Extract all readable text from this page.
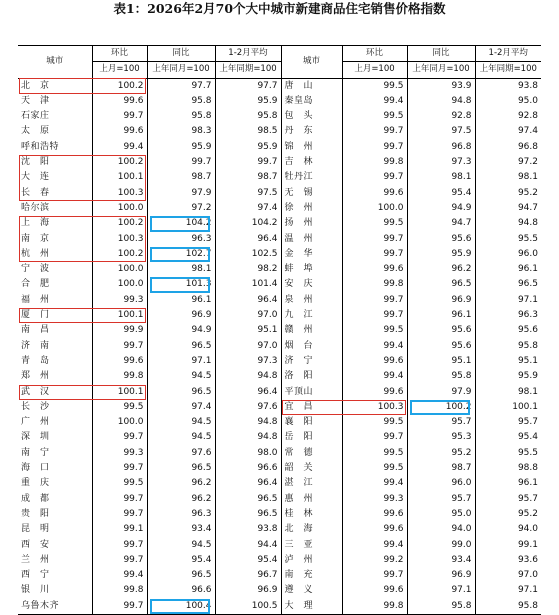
表1：2026年2月70个大中城市新建商品住宅销售价格指数
城市	环比	同比	1-2月平均	城市	环比	同比	1-2月平均
	上月=100	上年同月=100	上年同期=100		上月=100	上年同月=100	上年同期=100
北　京	100.2	97.7	97.7	唐　山	99.5	93.9	93.8
天　津	99.6	95.8	95.9	秦皇岛	99.4	94.8	95.0
石家庄	99.7	95.8	95.8	包　头	99.5	92.8	92.8
太　原	99.6	98.3	98.5	丹　东	99.7	97.5	97.4
呼和浩特	99.4	95.9	95.9	锦　州	99.7	96.8	96.8
沈　阳	100.2	99.7	99.7	吉　林	99.8	97.3	97.2
大　连	100.1	98.7	98.7	牡丹江	99.7	98.1	98.1
长　春	100.3	97.9	97.5	无　锡	99.6	95.4	95.2
哈尔滨	100.0	97.2	97.4	徐　州	100.0	94.9	94.7
上　海	100.2	104.2	104.2	扬　州	99.5	94.7	94.8
南　京	100.3	96.3	96.4	温　州	99.7	95.6	95.5
杭　州	100.2	102.7	102.5	金　华	99.7	95.9	96.0
宁　波	100.0	98.1	98.2	蚌　埠	99.6	96.2	96.1
合　肥	100.0	101.3	101.4	安　庆	99.8	96.5	96.5
福　州	99.3	96.1	96.4	泉　州	99.7	96.9	97.1
厦　门	100.1	96.9	97.0	九　江	99.7	96.1	96.3
南　昌	99.9	94.9	95.1	赣　州	99.5	95.6	95.6
济　南	99.7	96.5	97.0	烟　台	99.4	95.6	95.8
青　岛	99.6	97.1	97.3	济　宁	99.6	95.1	95.1
郑　州	99.8	94.5	94.8	洛　阳	99.4	95.8	95.9
武　汉	100.1	96.5	96.4	平顶山	99.6	97.9	98.1
长　沙	99.5	97.4	97.6	宜　昌	100.3	100.2	100.1
广　州	100.0	94.5	94.8	襄　阳	99.5	95.7	95.7
深　圳	99.7	94.5	94.8	岳　阳	99.7	95.3	95.4
南　宁	99.3	97.6	98.0	常　德	99.5	95.2	95.5
海　口	99.7	96.5	96.6	韶　关	99.5	98.7	98.8
重　庆	99.5	96.2	96.4	湛　江	99.4	96.0	96.1
成　都	99.7	96.2	96.5	惠　州	99.3	95.7	95.7
贵　阳	99.7	96.3	96.5	桂　林	99.6	95.0	95.2
昆　明	99.1	93.4	93.8	北　海	99.6	94.0	94.0
西　安	99.7	94.5	94.4	三　亚	99.4	99.0	99.1
兰　州	99.7	95.4	95.4	泸　州	99.2	93.4	93.6
西　宁	99.4	96.5	96.7	南　充	99.7	96.9	97.0
银　川	99.8	96.6	96.9	遵　义	99.6	97.1	97.1
乌鲁木齐	99.7	100.4	100.5	大　理	99.8	95.8	95.8
